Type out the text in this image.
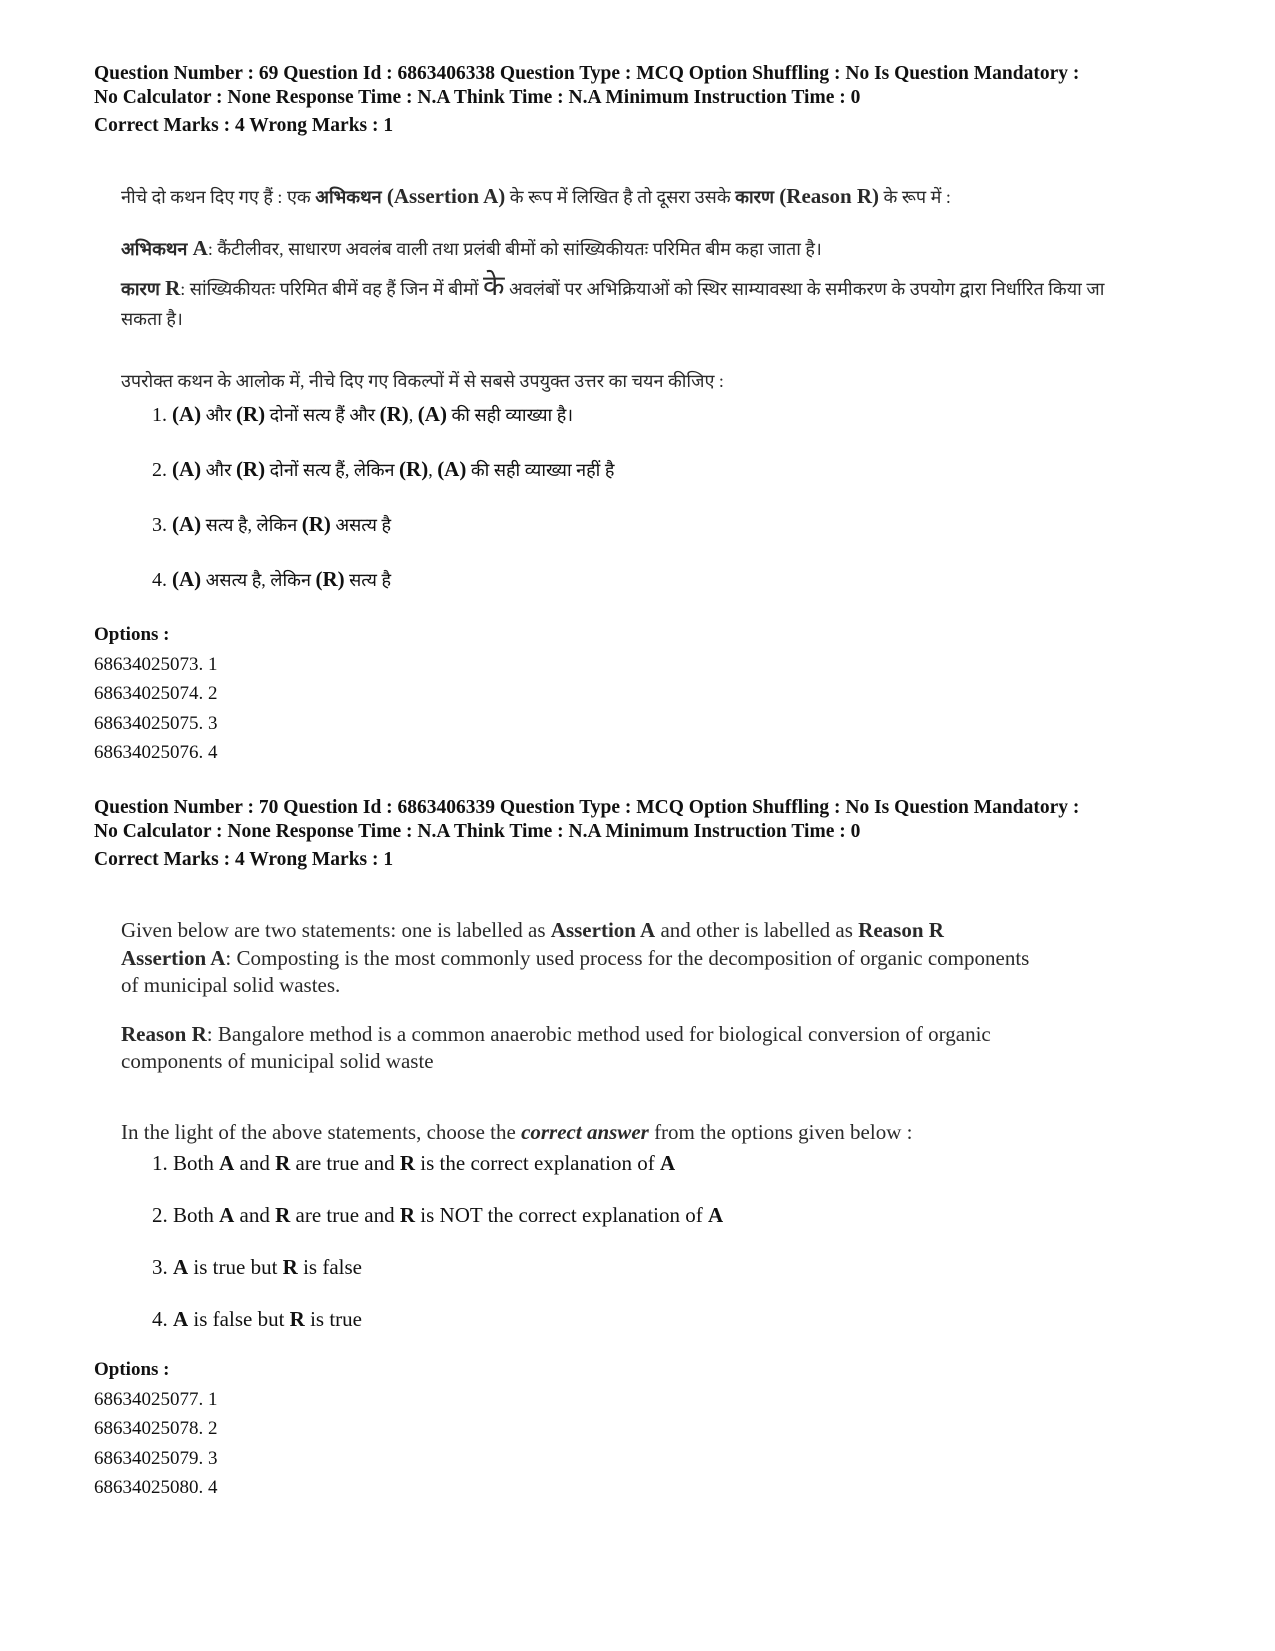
Question Number : 69 Question Id : 6863406338 Question Type : MCQ Option Shuffling : No Is Question Mandatory :
No Calculator : None Response Time : N.A Think Time : N.A Minimum Instruction Time : 0
Correct Marks : 4 Wrong Marks : 1

नीचे दो कथन दिए गए हैं : एक अभिकथन (Assertion A) के रूप में लिखित है तो दूसरा उसके कारण (Reason R) के रूप में :

अभिकथन A: कैंटीलीवर, साधारण अवलंब वाली तथा प्रलंबी बीमों को सांख्यिकीयतः परिमित बीम कहा जाता है।

कारण R: सांख्यिकीयतः परिमित बीमें वह हैं जिन में बीमों के अवलंबों पर अभिक्रियाओं को स्थिर साम्यावस्था के समीकरण के उपयोग द्वारा निर्धारित किया जा
सकता है।

उपरोक्त कथन के आलोक में, नीचे दिए गए विकल्पों में से सबसे उपयुक्त उत्तर का चयन कीजिए :

1. (A) और (R) दोनों सत्य हैं और (R), (A) की सही व्याख्या है।

2. (A) और (R) दोनों सत्य हैं, लेकिन (R), (A) की सही व्याख्या नहीं है

3. (A) सत्य है, लेकिन (R) असत्य है

4. (A) असत्य है, लेकिन (R) सत्य है

Options :
68634025073. 1
68634025074. 2
68634025075. 3
68634025076. 4
Question Number : 70 Question Id : 6863406339 Question Type : MCQ Option Shuffling : No Is Question Mandatory :
No Calculator : None Response Time : N.A Think Time : N.A Minimum Instruction Time : 0
Correct Marks : 4 Wrong Marks : 1

Given below are two statements: one is labelled as Assertion A and other is labelled as Reason R

Assertion A: Composting is the most commonly used process for the decomposition of organic components
of municipal solid wastes.
Reason R: Bangalore method is a common anaerobic method used for biological conversion of organic
components of municipal solid waste

In the light of the above statements, choose the correct answer from the options given below :

1. Both A and R are true and R is the correct explanation of A

2. Both A and R are true and R is NOT the correct explanation of A

3. A is true but R is false

4. A is false but R is true

Options :
68634025077. 1
68634025078. 2
68634025079. 3
68634025080. 4
